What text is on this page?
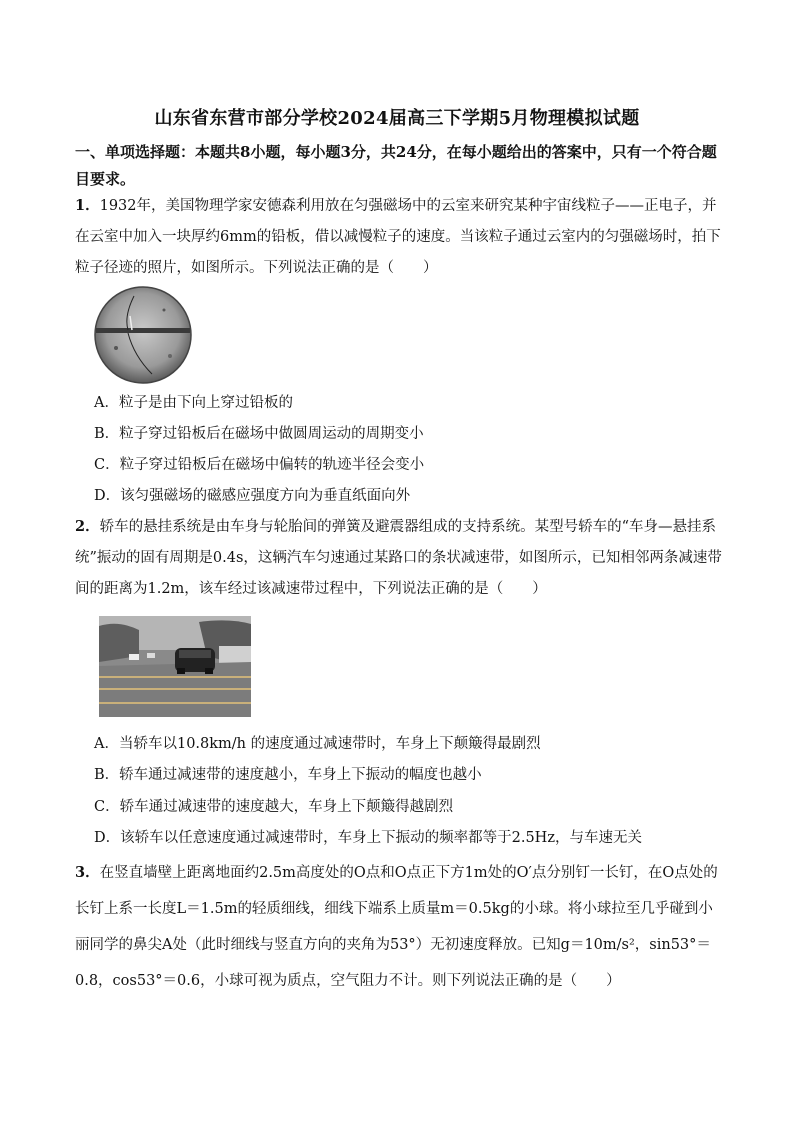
山东省东营市部分学校2024届高三下学期5月物理模拟试题
一、单项选择题：本题共8小题，每小题3分，共24分，在每小题给出的答案中，只有一个符合题目要求。
1．1932年，美国物理学家安德森利用放在匀强磁场中的云室来研究某种宇宙线粒子——正电子，并在云室中加入一块厚约6mm的铅板，借以减慢粒子的速度。当该粒子通过云室内的匀强磁场时，拍下粒子径迹的照片，如图所示。下列说法正确的是（　　）
A．粒子是由下向上穿过铅板的
B．粒子穿过铅板后在磁场中做圆周运动的周期变小
C．粒子穿过铅板后在磁场中偏转的轨迹半径会变小
D．该匀强磁场的磁感应强度方向为垂直纸面向外
2．轿车的悬挂系统是由车身与轮胎间的弹簧及避震器组成的支持系统。某型号轿车的“车身—悬挂系统”振动的固有周期是0.4s，这辆汽车匀速通过某路口的条状减速带，如图所示，已知相邻两条减速带间的距离为1.2m，该车经过该减速带过程中，下列说法正确的是（　　）
A．当轿车以10.8km/h 的速度通过减速带时，车身上下颠簸得最剧烈
B．轿车通过减速带的速度越小，车身上下振动的幅度也越小
C．轿车通过减速带的速度越大，车身上下颠簸得越剧烈
D．该轿车以任意速度通过减速带时，车身上下振动的频率都等于2.5Hz，与车速无关
3．在竖直墙壁上距离地面约2.5m高度处的O点和O点正下方1m处的O′点分别钉一长钉，在O点处的长钉上系一长度L＝1.5m的轻质细线，细线下端系上质量m＝0.5kg的小球。将小球拉至几乎碰到小丽同学的鼻尖A处（此时细线与竖直方向的夹角为53°）无初速度释放。已知g＝10m/s²，sin53°＝0.8，cos53°＝0.6，小球可视为质点，空气阻力不计。则下列说法正确的是（　　）
